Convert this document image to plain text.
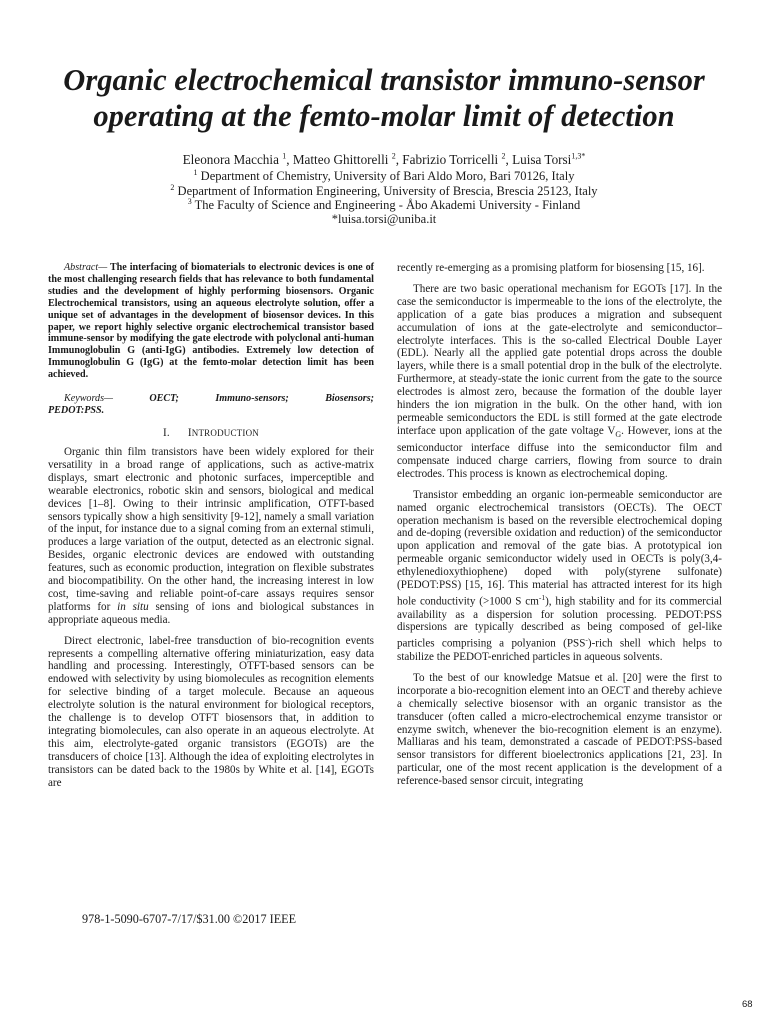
Organic electrochemical transistor immuno-sensor
operating at the femto-molar limit of detection
Eleonora Macchia $^1$, Matteo Ghittorelli $^2$, Fabrizio Torricelli $^2$, Luisa Torsi$^{1,3*}$
$^1$ Department of Chemistry, University of Bari Aldo Moro, Bari 70126, Italy
$^2$ Department of Information Engineering, University of Brescia, Brescia 25123, Italy
$^3$ The Faculty of Science and Engineering - Åbo Akademi University - Finland
*luisa.torsi@uniba.it

Abstract— The interfacing of biomaterials to electronic devices is one of the most challenging research fields that has relevance to both fundamental studies and the development of highly performing biosensors. Organic Electrochemical transistors, using an aqueous electrolyte solution, offer a unique set of advantages in the development of biosensor devices. In this paper, we report highly selective organic electrochemical transistor based immune-sensor by modifying the gate electrode with polyclonal anti-human Immunoglobulin G (anti-IgG) antibodies. Extremely low detection of Immunoglobulin G (IgG) at the femto-molar detection limit has been achieved.

Keywords—	OECT;	Immuno-sensors;	Biosensors;
PEDOT:PSS.

I. INTRODUCTION

Organic thin film transistors have been widely explored for their versatility in a broad range of applications, such as active-matrix displays, smart electronic and photonic surfaces, imperceptible and wearable electronics, robotic skin and sensors, biological and medical devices [1–8]. Owing to their intrinsic amplification, OTFT-based sensors typically show a high sensitivity [9-12], namely a small variation of the input, for instance due to a signal coming from an external stimuli, produces a large variation of the output, detected as an electronic signal. Besides, organic electronic devices are endowed with outstanding features, such as economic production, integration on flexible substrates and biocompatibility. On the other hand, the increasing interest in low cost, time-saving and reliable point-of-care assays requires sensor platforms for in situ sensing of ions and biological substances in appropriate aqueous media.

Direct electronic, label-free transduction of bio-recognition events represents a compelling alternative offering miniaturization, easy data handling and processing. Interestingly, OTFT-based sensors can be endowed with selectivity by using biomolecules as recognition elements for selective binding of a target molecule. Because an aqueous electrolyte solution is the natural environment for biological receptors, the challenge is to develop OTFT biosensors that, in addition to integrating biomolecules, can also operate in an aqueous electrolyte. At this aim, electrolyte-gated organic transistors (EGOTs) are the transducers of choice [13]. Although the idea of exploiting electrolytes in transistors can be dated back to the 1980s by White et al. [14], EGOTs are

recently re-emerging as a promising platform for biosensing [15, 16].

There are two basic operational mechanism for EGOTs [17]. In the case the semiconductor is impermeable to the ions of the electrolyte, the application of a gate bias produces a migration and subsequent accumulation of ions at the gate-electrolyte and semiconductor–electrolyte interfaces. This is the so-called Electrical Double Layer (EDL). Nearly all the applied gate potential drops across the double layers, while there is a small potential drop in the bulk of the electrolyte. Furthermore, at steady-state the ionic current from the gate to the source electrodes is almost zero, because the formation of the double layer hinders the ion migration in the bulk. On the other hand, with ion permeable semiconductors the EDL is still formed at the gate electrode interface upon application of the gate voltage $V_G$. However, ions at the semiconductor interface diffuse into the semiconductor film and compensate induced charge carriers, flowing from source to drain electrodes. This process is known as electrochemical doping.

Transistor embedding an organic ion-permeable semiconductor are named organic electrochemical transistors (OECTs). The OECT operation mechanism is based on the reversible electrochemical doping and de-doping (reversible oxidation and reduction) of the semiconductor upon application and removal of the gate bias. A prototypical ion permeable organic semiconductor widely used in OECTs is poly(3,4-ethylenedioxythiophene) doped with poly(styrene sulfonate) (PEDOT:PSS) [15, 16]. This material has attracted interest for its high hole conductivity (>1000 S $cm^{-1}$), high stability and for its commercial availability as a dispersion for solution processing. PEDOT:PSS dispersions are typically described as being composed of gel-like particles comprising a polyanion (PSS-)-rich shell which helps to stabilize the PEDOT-enriched particles in aqueous solvents.

To the best of our knowledge Matsue et al. [20] were the first to incorporate a bio-recognition element into an OECT and thereby achieve a chemically selective biosensor with an organic transistor as the transducer (often called a micro-electrochemical enzyme transistor or enzyme switch, whenever the bio-recognition element is an enzyme). Malliaras and his team, demonstrated a cascade of PEDOT:PSS-based sensor transistors for different bioelectronics applications [21, 23]. In particular, one of the most recent application is the development of a reference-based sensor circuit, integrating

978-1-5090-6707-7/17/$31.00 ©2017 IEEE
68
